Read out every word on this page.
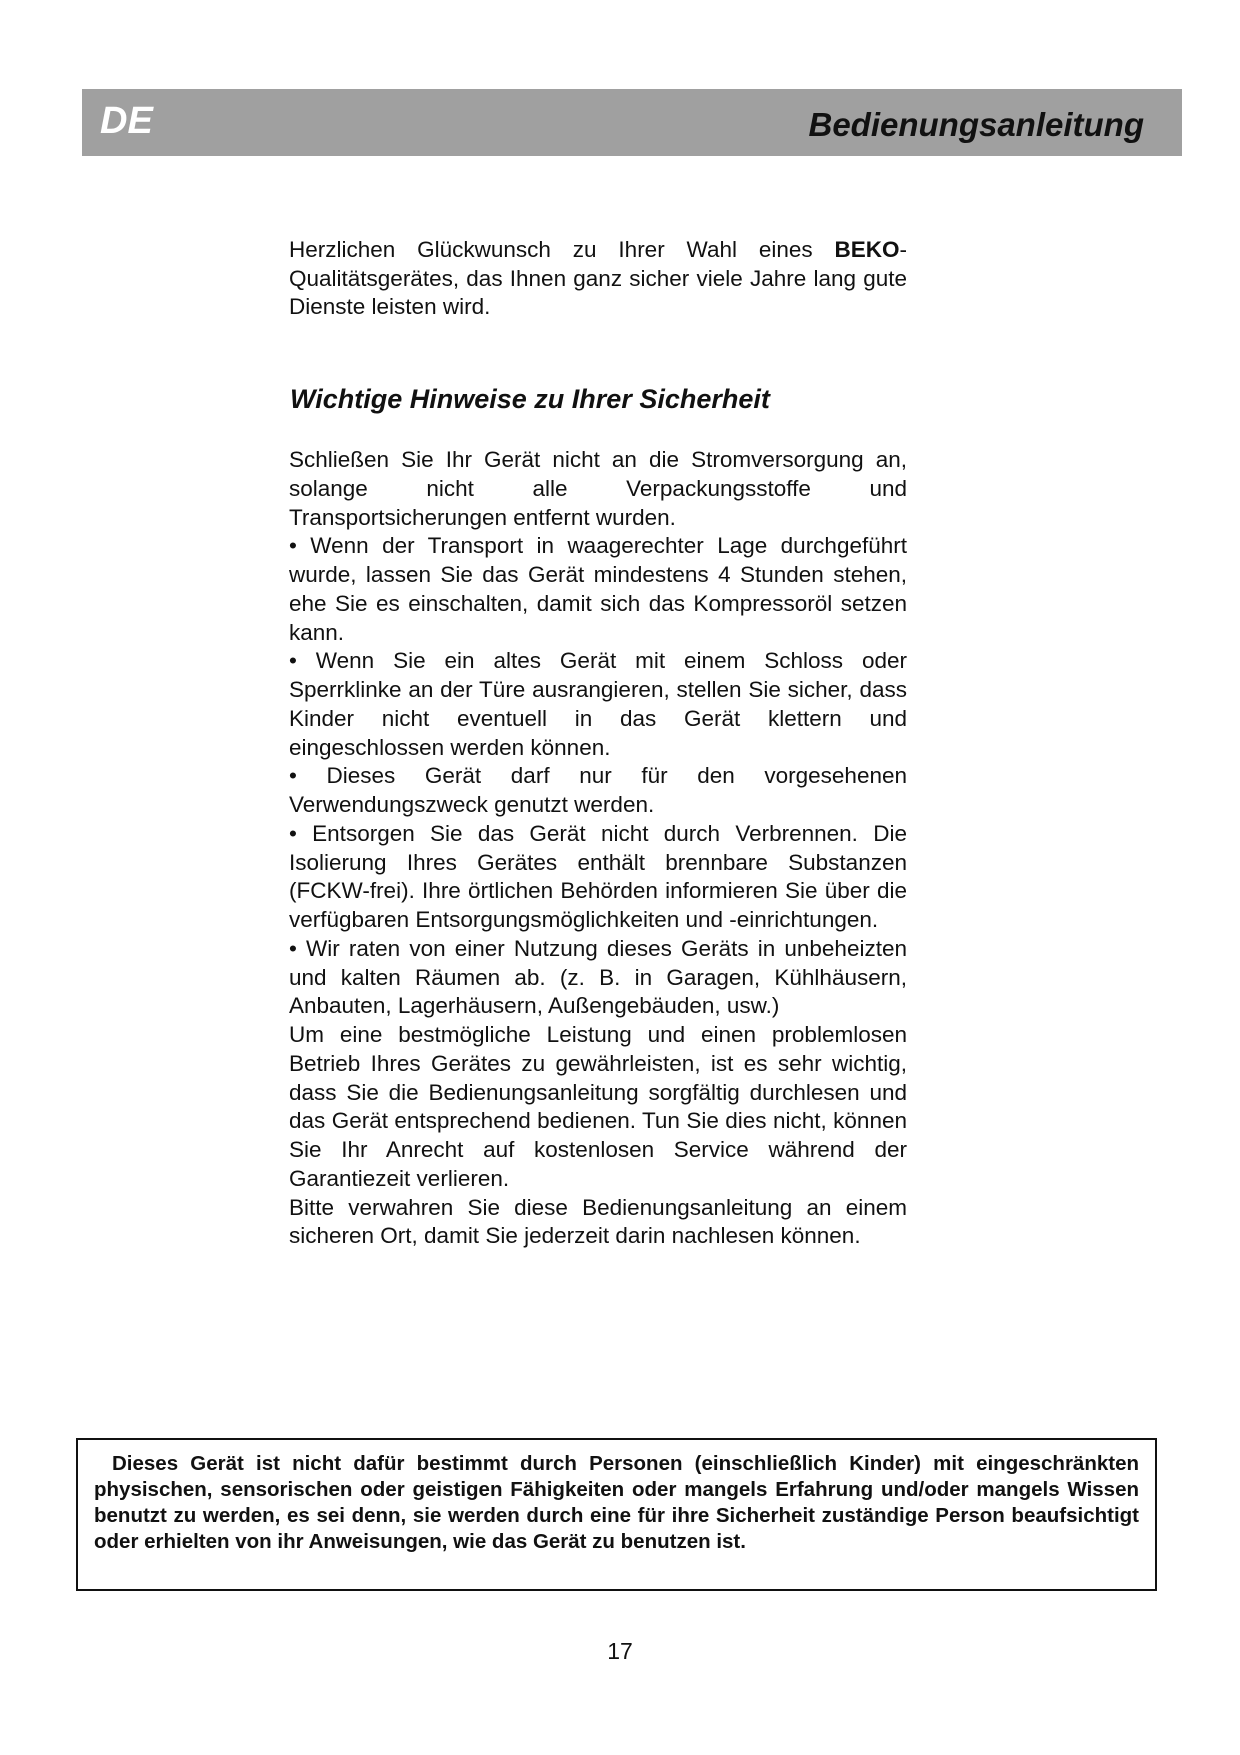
DE	Bedienungsanleitung

Herzlichen Glückwunsch zu Ihrer Wahl eines BEKO-Qualitätsgerätes, das Ihnen ganz sicher viele Jahre lang gute Dienste leisten wird.

Wichtige Hinweise zu Ihrer Sicherheit

Schließen Sie Ihr Gerät nicht an die Stromversorgung an, solange nicht alle Verpackungsstoffe und Transportsicherungen entfernt wurden.

• Wenn der Transport in waagerechter Lage durchgeführt wurde, lassen Sie das Gerät mindestens 4 Stunden stehen, ehe Sie es einschalten, damit sich das Kompressoröl setzen kann.

• Wenn Sie ein altes Gerät mit einem Schloss oder Sperrklinke an der Türe ausrangieren, stellen Sie sicher, dass Kinder nicht eventuell in das Gerät klettern und eingeschlossen werden können.

• Dieses Gerät darf nur für den vorgesehenen Verwendungszweck genutzt werden.

• Entsorgen Sie das Gerät nicht durch Verbrennen. Die Isolierung Ihres Gerätes enthält brennbare Substanzen (FCKW-frei). Ihre örtlichen Behörden informieren Sie über die verfügbaren Entsorgungsmöglichkeiten und -einrichtungen.

• Wir raten von einer Nutzung dieses Geräts in unbeheizten und kalten Räumen ab. (z. B. in Garagen, Kühlhäusern, Anbauten, Lagerhäusern, Außengebäuden, usw.)

Um eine bestmögliche Leistung und einen problemlosen Betrieb Ihres Gerätes zu gewährleisten, ist es sehr wichtig, dass Sie die Bedienungsanleitung sorgfältig durchlesen und das Gerät entsprechend bedienen. Tun Sie dies nicht, können Sie Ihr Anrecht auf kostenlosen Service während der Garantiezeit verlieren.

Bitte verwahren Sie diese Bedienungsanleitung an einem sicheren Ort, damit Sie jederzeit darin nachlesen können.

Dieses Gerät ist nicht dafür bestimmt durch Personen (einschließlich Kinder) mit eingeschränkten physischen, sensorischen oder geistigen Fähigkeiten oder mangels Erfahrung und/oder mangels Wissen benutzt zu werden, es sei denn, sie werden durch eine für ihre Sicherheit zuständige Person beaufsichtigt oder erhielten von ihr Anweisungen, wie das Gerät zu benutzen ist.
17
